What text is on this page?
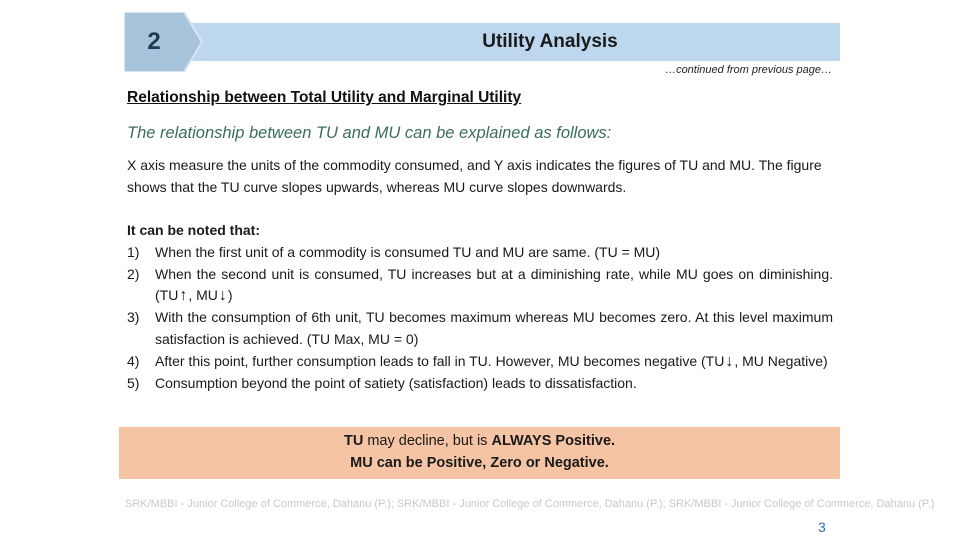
2	Utility Analysis
…continued from previous page…
Relationship between Total Utility and Marginal Utility
The relationship between TU and MU can be explained as follows:
X axis measure the units of the commodity consumed, and Y axis indicates the figures of TU and MU. The figure shows that the TU curve slopes upwards, whereas MU curve slopes downwards.
It can be noted that:
1) When the first unit of a commodity is consumed TU and MU are same. (TU = MU)
2) When the second unit is consumed, TU increases but at a diminishing rate, while MU goes on diminishing. (TU↑, MU↓)
3) With the consumption of 6th unit, TU becomes maximum whereas MU becomes zero. At this level maximum satisfaction is achieved. (TU Max, MU = 0)
4) After this point, further consumption leads to fall in TU. However, MU becomes negative (TU↓, MU Negative)
5) Consumption beyond the point of satiety (satisfaction) leads to dissatisfaction.
TU may decline, but is ALWAYS Positive.
MU can be Positive, Zero or Negative.
SRK/MBBI - Junior College of Commerce, Dahanu (P.); SRK/MBBI - Junior College of Commerce, Dahanu (P.); SRK/MBBI - Junior College of Commerce, Dahanu (P.)
3
